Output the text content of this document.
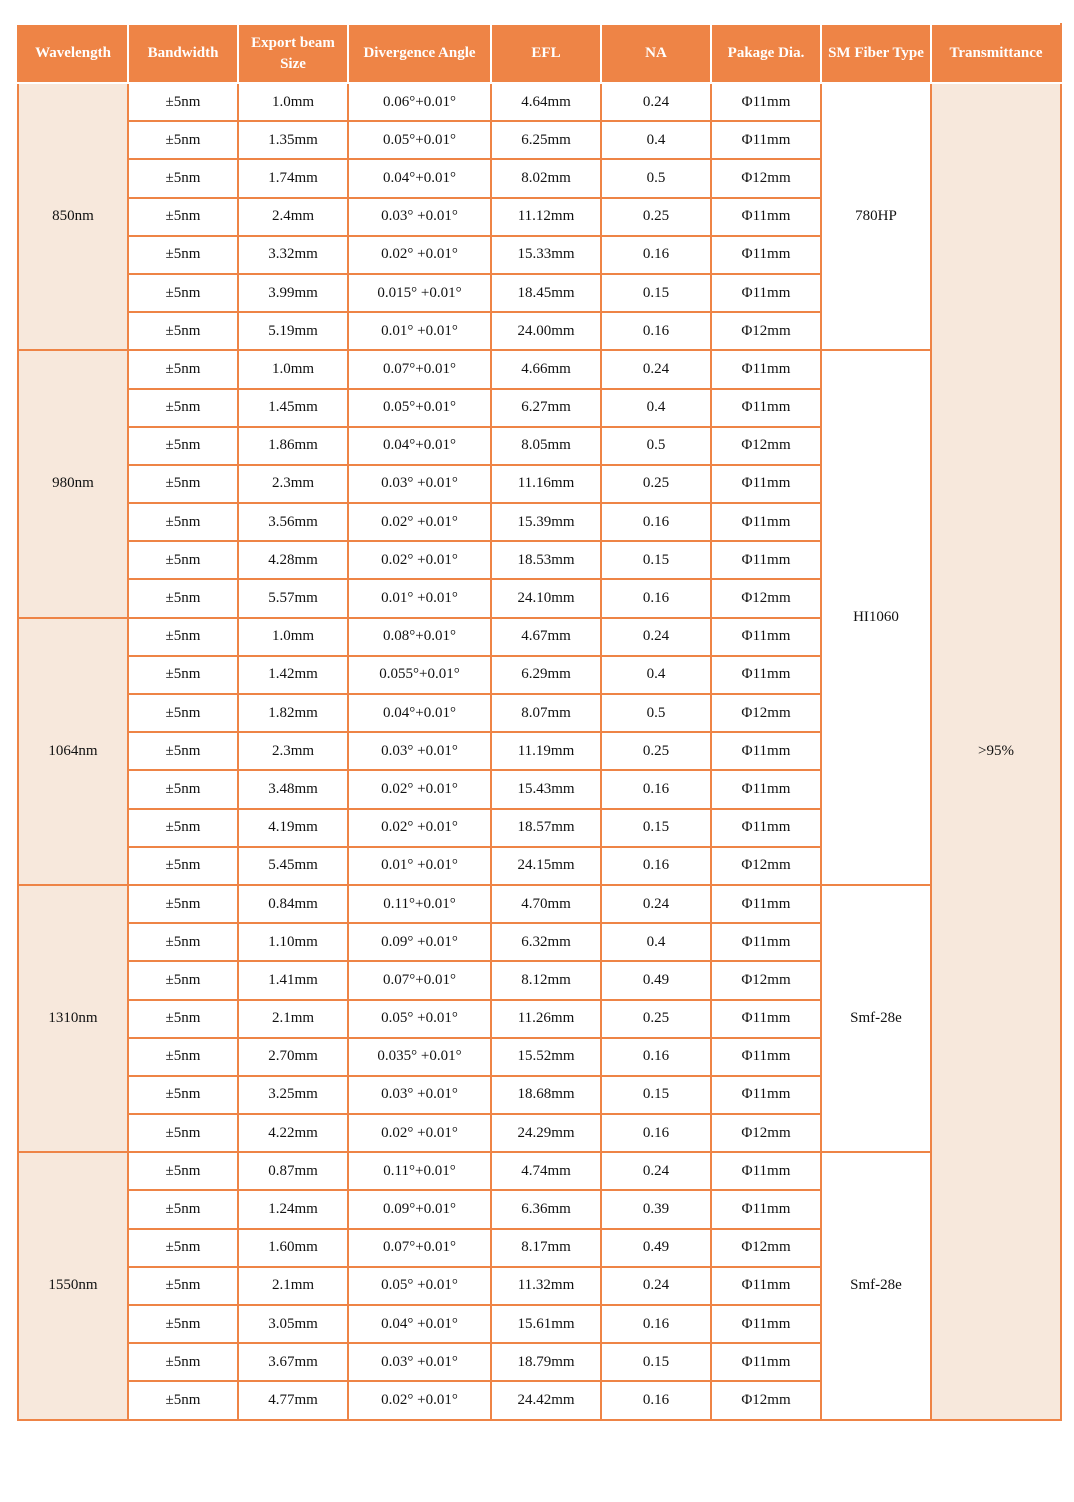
Wavelength	Bandwidth	Export beam Size	Divergence Angle	EFL	NA	Pakage Dia.	SM Fiber Type	Transmittance
850nm	±5nm	1.0mm	0.06°+0.01°	4.64mm	0.24	Φ11mm	780HP	>95%
	±5nm	1.35mm	0.05°+0.01°	6.25mm	0.4	Φ11mm		
	±5nm	1.74mm	0.04°+0.01°	8.02mm	0.5	Φ12mm		
	±5nm	2.4mm	0.03° +0.01°	11.12mm	0.25	Φ11mm		
	±5nm	3.32mm	0.02° +0.01°	15.33mm	0.16	Φ11mm		
	±5nm	3.99mm	0.015° +0.01°	18.45mm	0.15	Φ11mm		
	±5nm	5.19mm	0.01° +0.01°	24.00mm	0.16	Φ12mm		
980nm	±5nm	1.0mm	0.07°+0.01°	4.66mm	0.24	Φ11mm	HI1060	
	±5nm	1.45mm	0.05°+0.01°	6.27mm	0.4	Φ11mm		
	±5nm	1.86mm	0.04°+0.01°	8.05mm	0.5	Φ12mm		
	±5nm	2.3mm	0.03° +0.01°	11.16mm	0.25	Φ11mm		
	±5nm	3.56mm	0.02° +0.01°	15.39mm	0.16	Φ11mm		
	±5nm	4.28mm	0.02° +0.01°	18.53mm	0.15	Φ11mm		
	±5nm	5.57mm	0.01° +0.01°	24.10mm	0.16	Φ12mm		
1064nm	±5nm	1.0mm	0.08°+0.01°	4.67mm	0.24	Φ11mm		
	±5nm	1.42mm	0.055°+0.01°	6.29mm	0.4	Φ11mm		
	±5nm	1.82mm	0.04°+0.01°	8.07mm	0.5	Φ12mm		
	±5nm	2.3mm	0.03° +0.01°	11.19mm	0.25	Φ11mm		
	±5nm	3.48mm	0.02° +0.01°	15.43mm	0.16	Φ11mm		
	±5nm	4.19mm	0.02° +0.01°	18.57mm	0.15	Φ11mm		
	±5nm	5.45mm	0.01° +0.01°	24.15mm	0.16	Φ12mm		
1310nm	±5nm	0.84mm	0.11°+0.01°	4.70mm	0.24	Φ11mm	Smf-28e	
	±5nm	1.10mm	0.09° +0.01°	6.32mm	0.4	Φ11mm		
	±5nm	1.41mm	0.07°+0.01°	8.12mm	0.49	Φ12mm		
	±5nm	2.1mm	0.05° +0.01°	11.26mm	0.25	Φ11mm		
	±5nm	2.70mm	0.035° +0.01°	15.52mm	0.16	Φ11mm		
	±5nm	3.25mm	0.03° +0.01°	18.68mm	0.15	Φ11mm		
	±5nm	4.22mm	0.02° +0.01°	24.29mm	0.16	Φ12mm		
1550nm	±5nm	0.87mm	0.11°+0.01°	4.74mm	0.24	Φ11mm	Smf-28e	
	±5nm	1.24mm	0.09°+0.01°	6.36mm	0.39	Φ11mm		
	±5nm	1.60mm	0.07°+0.01°	8.17mm	0.49	Φ12mm		
	±5nm	2.1mm	0.05° +0.01°	11.32mm	0.24	Φ11mm		
	±5nm	3.05mm	0.04° +0.01°	15.61mm	0.16	Φ11mm		
	±5nm	3.67mm	0.03° +0.01°	18.79mm	0.15	Φ11mm		
	±5nm	4.77mm	0.02° +0.01°	24.42mm	0.16	Φ12mm		
